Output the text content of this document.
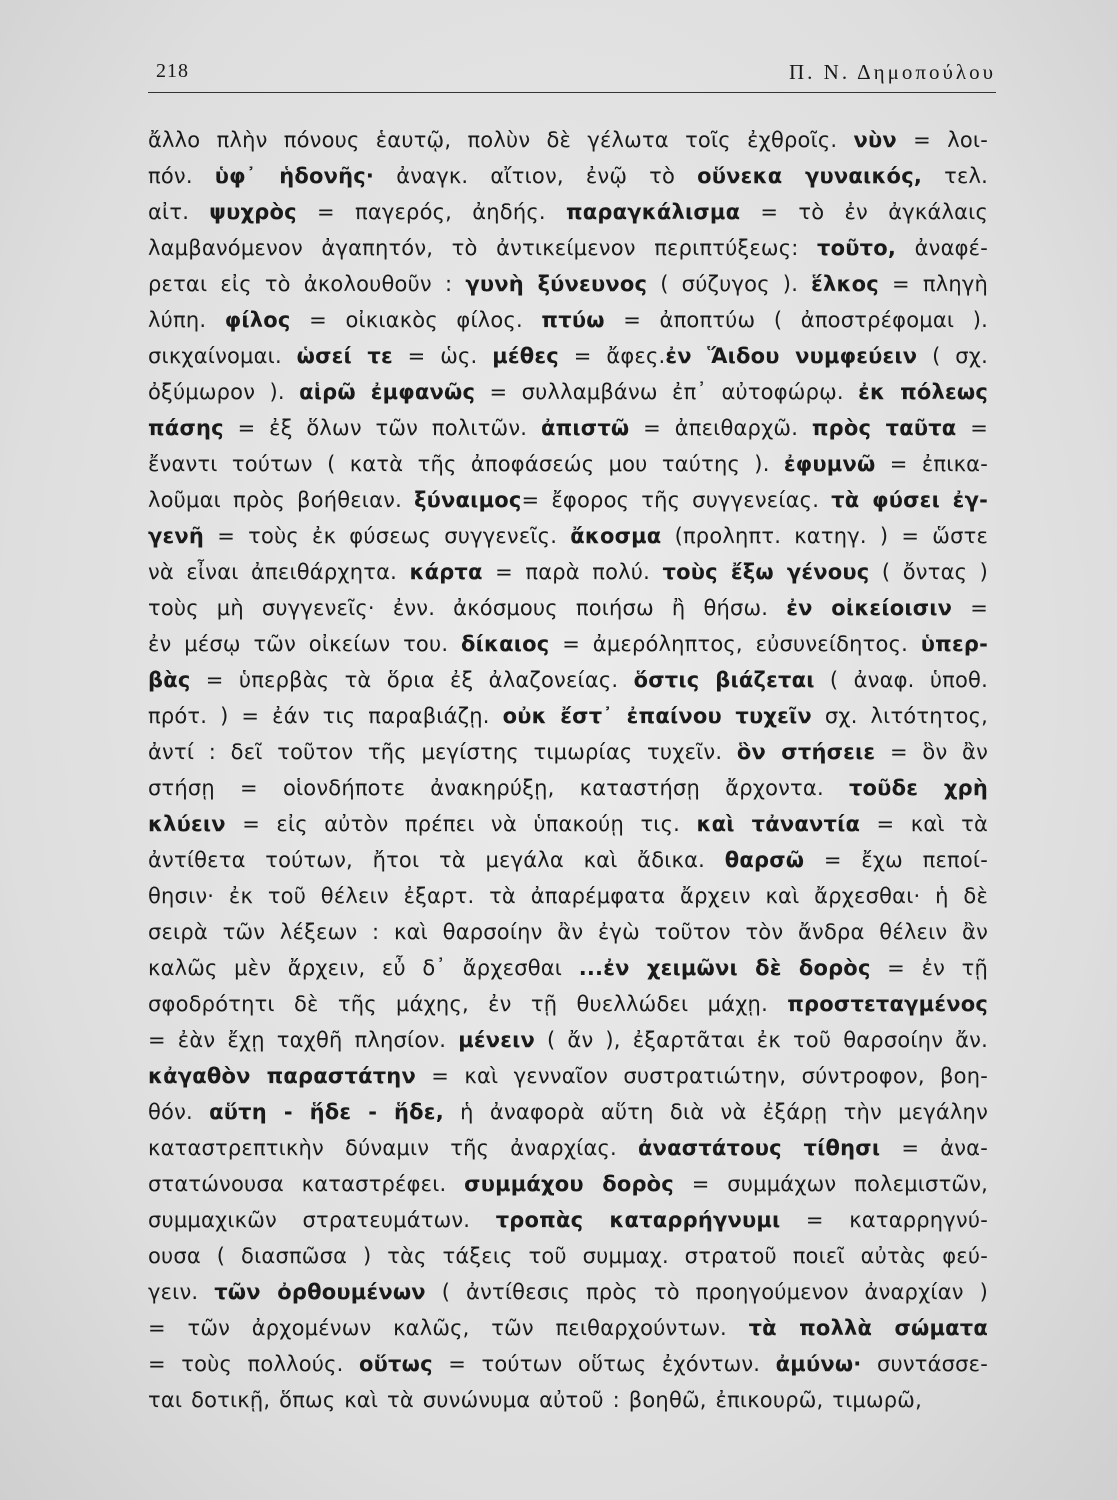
218	Π. Ν. Δημοπούλου
ἄλλο πλὴν πόνους ἑαυτῷ, πολὺν δὲ γέλωτα τοῖς ἐχθροῖς. νὺν = λοι-
πόν. ὑφ᾽ ἡδονῆς· ἀναγκ. αἴτιον, ἐνῷ τὸ οὕνεκα γυναικός, τελ.
αἰτ. ψυχρὸς = παγερός, ἀηδής. παραγκάλισμα = τὸ ἐν ἀγκάλαις
λαμβανόμενον ἀγαπητόν, τὸ ἀντικείμενον περιπτύξεως: τοῦτο, ἀναφέ-
ρεται εἰς τὸ ἀκολουθοῦν : γυνὴ ξύνευνος ( σύζυγος ). ἕλκος = πληγὴ
λύπη. φίλος = οἰκιακὸς φίλος. πτύω = ἀποπτύω ( ἀποστρέφομαι ).
σικχαίνομαι. ὡσεί τε = ὡς. μέθες = ἄφες.ἐν Ἅιδου νυμφεύειν ( σχ.
ὀξύμωρον ). αἱρῶ ἐμφανῶς = συλλαμβάνω ἐπ᾽ αὐτοφώρῳ. ἐκ πόλεως
πάσης = ἐξ ὅλων τῶν πολιτῶν. ἀπιστῶ = ἀπειθαρχῶ. πρὸς ταῦτα =
ἔναντι τούτων ( κατὰ τῆς ἀποφάσεώς μου ταύτης ). ἐφυμνῶ = ἐπικα-
λοῦμαι πρὸς βοήθειαν. ξύναιμος= ἔφορος τῆς συγγενείας. τὰ φύσει ἐγ-
γενῆ = τοὺς ἐκ φύσεως συγγενεῖς. ἄκοσμα (προληπτ. κατηγ. ) = ὥστε
νὰ εἶναι ἀπειθάρχητα. κάρτα = παρὰ πολύ. τοὺς ἔξω γένους ( ὄντας )
τοὺς μὴ συγγενεῖς· ἐνν. ἀκόσμους ποιήσω ἢ θήσω. ἐν οἰκείοισιν =
ἐν μέσῳ τῶν οἰκείων του. δίκαιος = ἀμερόληπτος, εὐσυνείδητος. ὑπερ-
βὰς = ὑπερβὰς τὰ ὅρια ἐξ ἀλαζονείας. ὅστις βιάζεται ( ἀναφ. ὑποθ.
πρότ. ) = ἐάν τις παραβιάζῃ. οὐκ ἔστ᾽ ἐπαίνου τυχεῖν σχ. λιτότητος,
ἀντί : δεῖ τοῦτον τῆς μεγίστης τιμωρίας τυχεῖν. ὃν στήσειε = ὃν ἂν
στήσῃ = οἱονδήποτε ἀνακηρύξῃ, καταστήσῃ ἄρχοντα. τοῦδε χρὴ
κλύειν = εἰς αὐτὸν πρέπει νὰ ὑπακούῃ τις. καὶ τἀναντία = καὶ τὰ
ἀντίθετα τούτων, ἤτοι τὰ μεγάλα καὶ ἄδικα. θαρσῶ = ἔχω πεποί-
θησιν· ἐκ τοῦ θέλειν ἐξαρτ. τὰ ἀπαρέμφατα ἄρχειν καὶ ἄρχεσθαι· ἡ δὲ
σειρὰ τῶν λέξεων : καὶ θαρσοίην ἂν ἐγὼ τοῦτον τὸν ἄνδρα θέλειν ἂν
καλῶς μὲν ἄρχειν, εὖ δ᾽ ἄρχεσθαι ...ἐν χειμῶνι δὲ δορὸς = ἐν τῇ
σφοδρότητι δὲ τῆς μάχης, ἐν τῇ θυελλώδει μάχῃ. προστεταγμένος
= ἐὰν ἔχῃ ταχθῆ πλησίον. μένειν ( ἄν ), ἐξαρτᾶται ἐκ τοῦ θαρσοίην ἄν.
κἀγαθὸν παραστάτην = καὶ γενναῖον συστρατιώτην, σύντροφον, βοη-
θόν. αὕτη - ἥδε - ἥδε, ἡ ἀναφορὰ αὕτη διὰ νὰ ἐξάρῃ τὴν μεγάλην
καταστρεπτικὴν δύναμιν τῆς ἀναρχίας. ἀναστάτους τίθησι = ἀνα-
στατώνουσα καταστρέφει. συμμάχου δορὸς = συμμάχων πολεμιστῶν,
συμμαχικῶν στρατευμάτων. τροπὰς καταρρήγνυμι = καταρρηγνύ-
ουσα ( διασπῶσα ) τὰς τάξεις τοῦ συμμαχ. στρατοῦ ποιεῖ αὐτὰς φεύ-
γειν. τῶν ὀρθουμένων ( ἀντίθεσις πρὸς τὸ προηγούμενον ἀναρχίαν )
= τῶν ἀρχομένων καλῶς, τῶν πειθαρχούντων. τὰ πολλὰ σώματα
= τοὺς πολλούς. οὕτως = τούτων οὕτως ἐχόντων. ἀμύνω· συντάσσε-
ται δοτικῇ, ὅπως καὶ τὰ συνώνυμα αὐτοῦ : βοηθῶ, ἐπικουρῶ, τιμωρῶ,
